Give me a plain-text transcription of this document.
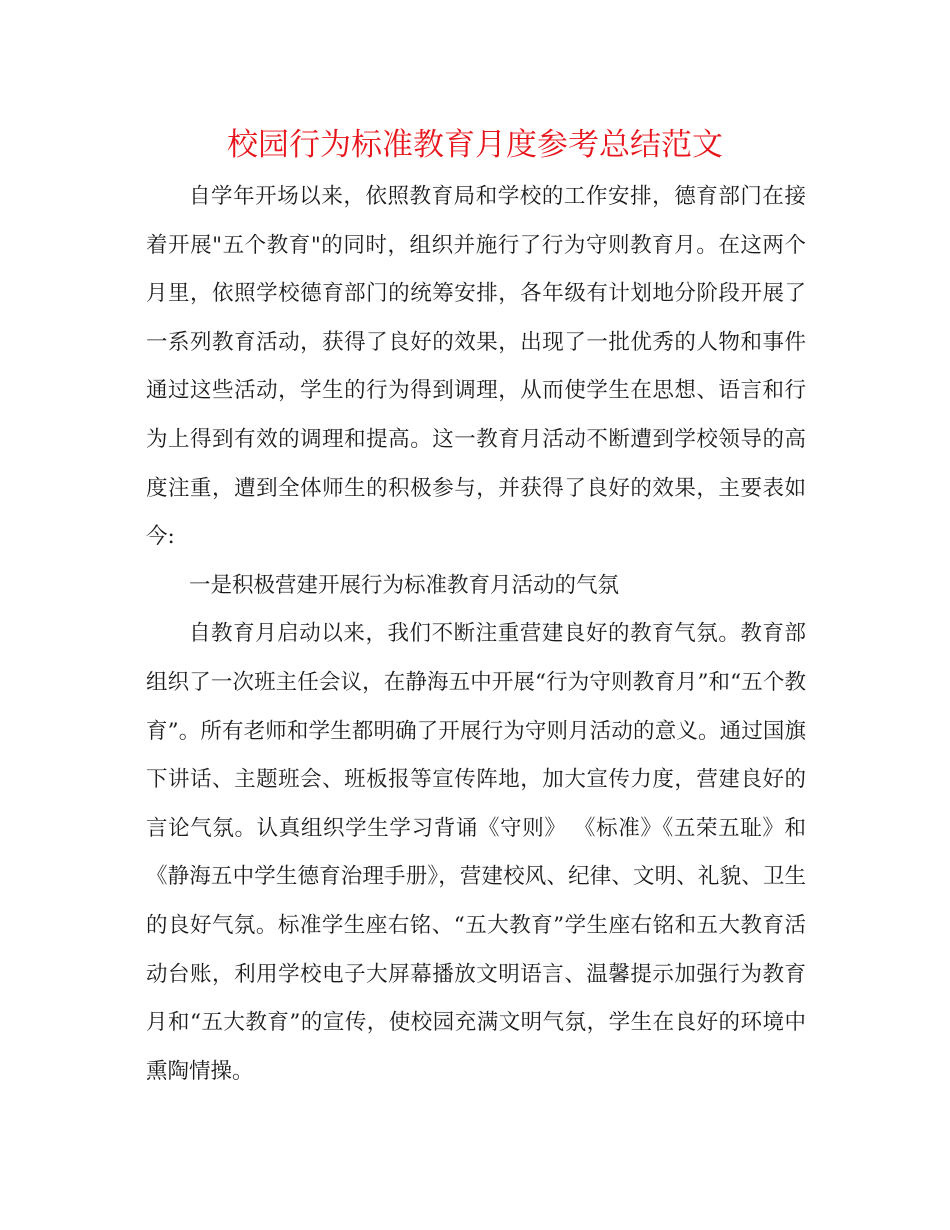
校园行为标准教育月度参考总结范文

自学年开场以来，依照教育局和学校的工作安排，德育部门在接着开展"五个教育"的同时，组织并施行了行为守则教育月。在这两个月里，依照学校德育部门的统筹安排，各年级有计划地分阶段开展了一系列教育活动，获得了良好的效果，出现了一批优秀的人物和事件通过这些活动，学生的行为得到调理，从而使学生在思想、语言和行为上得到有效的调理和提高。这一教育月活动不断遭到学校领导的高度注重，遭到全体师生的积极参与，并获得了良好的效果，主要表如今:

一是积极营建开展行为标准教育月活动的气氛

自教育月启动以来，我们不断注重营建良好的教育气氛。教育部组织了一次班主任会议，在静海五中开展“行为守则教育月”和“五个教育”。所有老师和学生都明确了开展行为守则月活动的意义。通过国旗下讲话、主题班会、班板报等宣传阵地，加大宣传力度，营建良好的言论气氛。认真组织学生学习背诵《守则》 《标准》《五荣五耻》和《静海五中学生德育治理手册》，营建校风、纪律、文明、礼貌、卫生的良好气氛。标准学生座右铭、“五大教育”学生座右铭和五大教育活动台账，利用学校电子大屏幕播放文明语言、温馨提示加强行为教育月和“五大教育”的宣传，使校园充满文明气氛，学生在良好的环境中熏陶情操。
